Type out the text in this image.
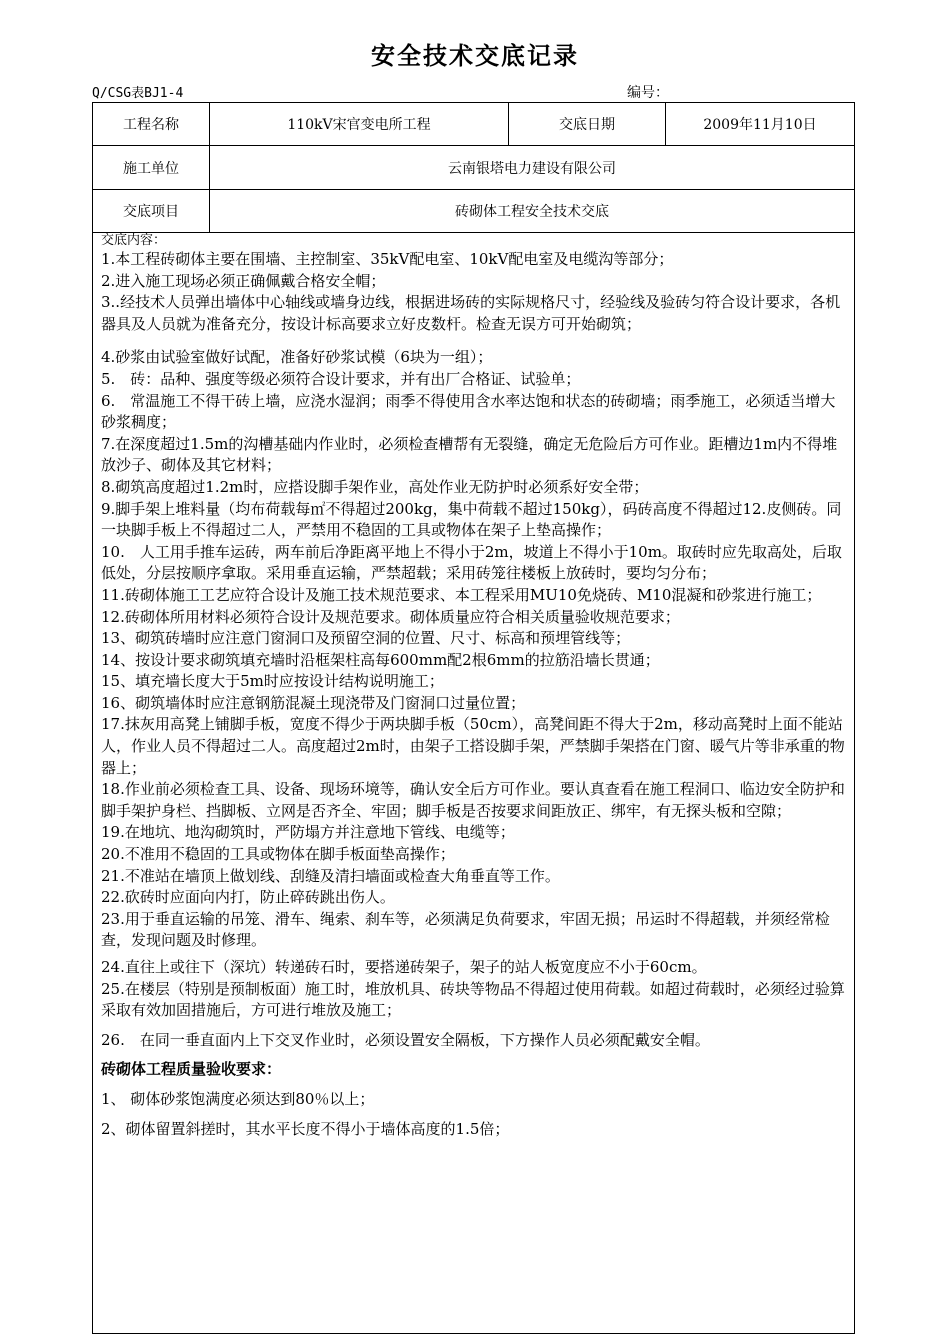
安全技术交底记录
Q/CSG表BJ1-4	编号：
工程名称	110kV宋官变电所工程	交底日期	2009年11月10日
施工单位	云南银塔电力建设有限公司
交底项目	砖砌体工程安全技术交底

交底内容：

1.本工程砖砌体主要在围墙、主控制室、35kV配电室、10kV配电室及电缆沟等部分；

2.进入施工现场必须正确佩戴合格安全帽；

3..经技术人员弹出墙体中心轴线或墙身边线，根据进场砖的实际规格尺寸，经验线及验砖匀符合设计要求，各机器具及人员就为准备充分，按设计标高要求立好皮数杆。检查无误方可开始砌筑；

4.砂浆由试验室做好试配，准备好砂浆试模（6块为一组）；

5.　砖：品种、强度等级必须符合设计要求，并有出厂合格证、试验单；

6.　常温施工不得干砖上墙，应浇水湿润；雨季不得使用含水率达饱和状态的砖砌墙；雨季施工，必须适当增大砂浆稠度；

7.在深度超过1.5m的沟槽基础内作业时，必须检查槽帮有无裂缝，确定无危险后方可作业。距槽边1m内不得堆放沙子、砌体及其它材料；

8.砌筑高度超过1.2m时，应搭设脚手架作业，高处作业无防护时必须系好安全带；

9.脚手架上堆料量（均布荷载每㎡不得超过200kg，集中荷载不超过150kg），码砖高度不得超过12.皮侧砖。同一块脚手板上不得超过二人，严禁用不稳固的工具或物体在架子上垫高操作；

10.　人工用手推车运砖，两车前后净距离平地上不得小于2m，坡道上不得小于10m。取砖时应先取高处，后取低处，分层按顺序拿取。采用垂直运输，严禁超载；采用砖笼往楼板上放砖时，要均匀分布；

11.砖砌体施工工艺应符合设计及施工技术规范要求、本工程采用MU10免烧砖、M10混凝和砂浆进行施工；

12.砖砌体所用材料必须符合设计及规范要求。砌体质量应符合相关质量验收规范要求；

13、砌筑砖墙时应注意门窗洞口及预留空洞的位置、尺寸、标高和预埋管线等；

14、按设计要求砌筑填充墙时沿框架柱高每600mm配2根6mm的拉筋沿墙长贯通；

15、填充墙长度大于5m时应按设计结构说明施工；

16、砌筑墙体时应注意钢筋混凝土现浇带及门窗洞口过量位置；

17.抹灰用高凳上铺脚手板，宽度不得少于两块脚手板（50cm），高凳间距不得大于2m，移动高凳时上面不能站人，作业人员不得超过二人。高度超过2m时，由架子工搭设脚手架，严禁脚手架搭在门窗、暖气片等非承重的物器上；

18.作业前必须检查工具、设备、现场环境等，确认安全后方可作业。要认真查看在施工程洞口、临边安全防护和脚手架护身栏、挡脚板、立网是否齐全、牢固；脚手板是否按要求间距放正、绑牢，有无探头板和空隙；

19.在地坑、地沟砌筑时，严防塌方并注意地下管线、电缆等；

20.不准用不稳固的工具或物体在脚手板面垫高操作；

21.不准站在墙顶上做划线、刮缝及清扫墙面或检查大角垂直等工作。

22.砍砖时应面向内打，防止碎砖跳出伤人。

23.用于垂直运输的吊笼、滑车、绳索、刹车等，必须满足负荷要求，牢固无损；吊运时不得超载，并须经常检查，发现问题及时修理。

24.直往上或往下（深坑）转递砖石时，要搭递砖架子，架子的站人板宽度应不小于60cm。

25.在楼层（特别是预制板面）施工时，堆放机具、砖块等物品不得超过使用荷载。如超过荷载时，必须经过验算采取有效加固措施后，方可进行堆放及施工；

26.　在同一垂直面内上下交叉作业时，必须设置安全隔板，下方操作人员必须配戴安全帽。

砖砌体工程质量验收要求：

1、 砌体砂浆饱满度必须达到80％以上；

2、砌体留置斜搓时，其水平长度不得小于墙体高度的1.5倍；
